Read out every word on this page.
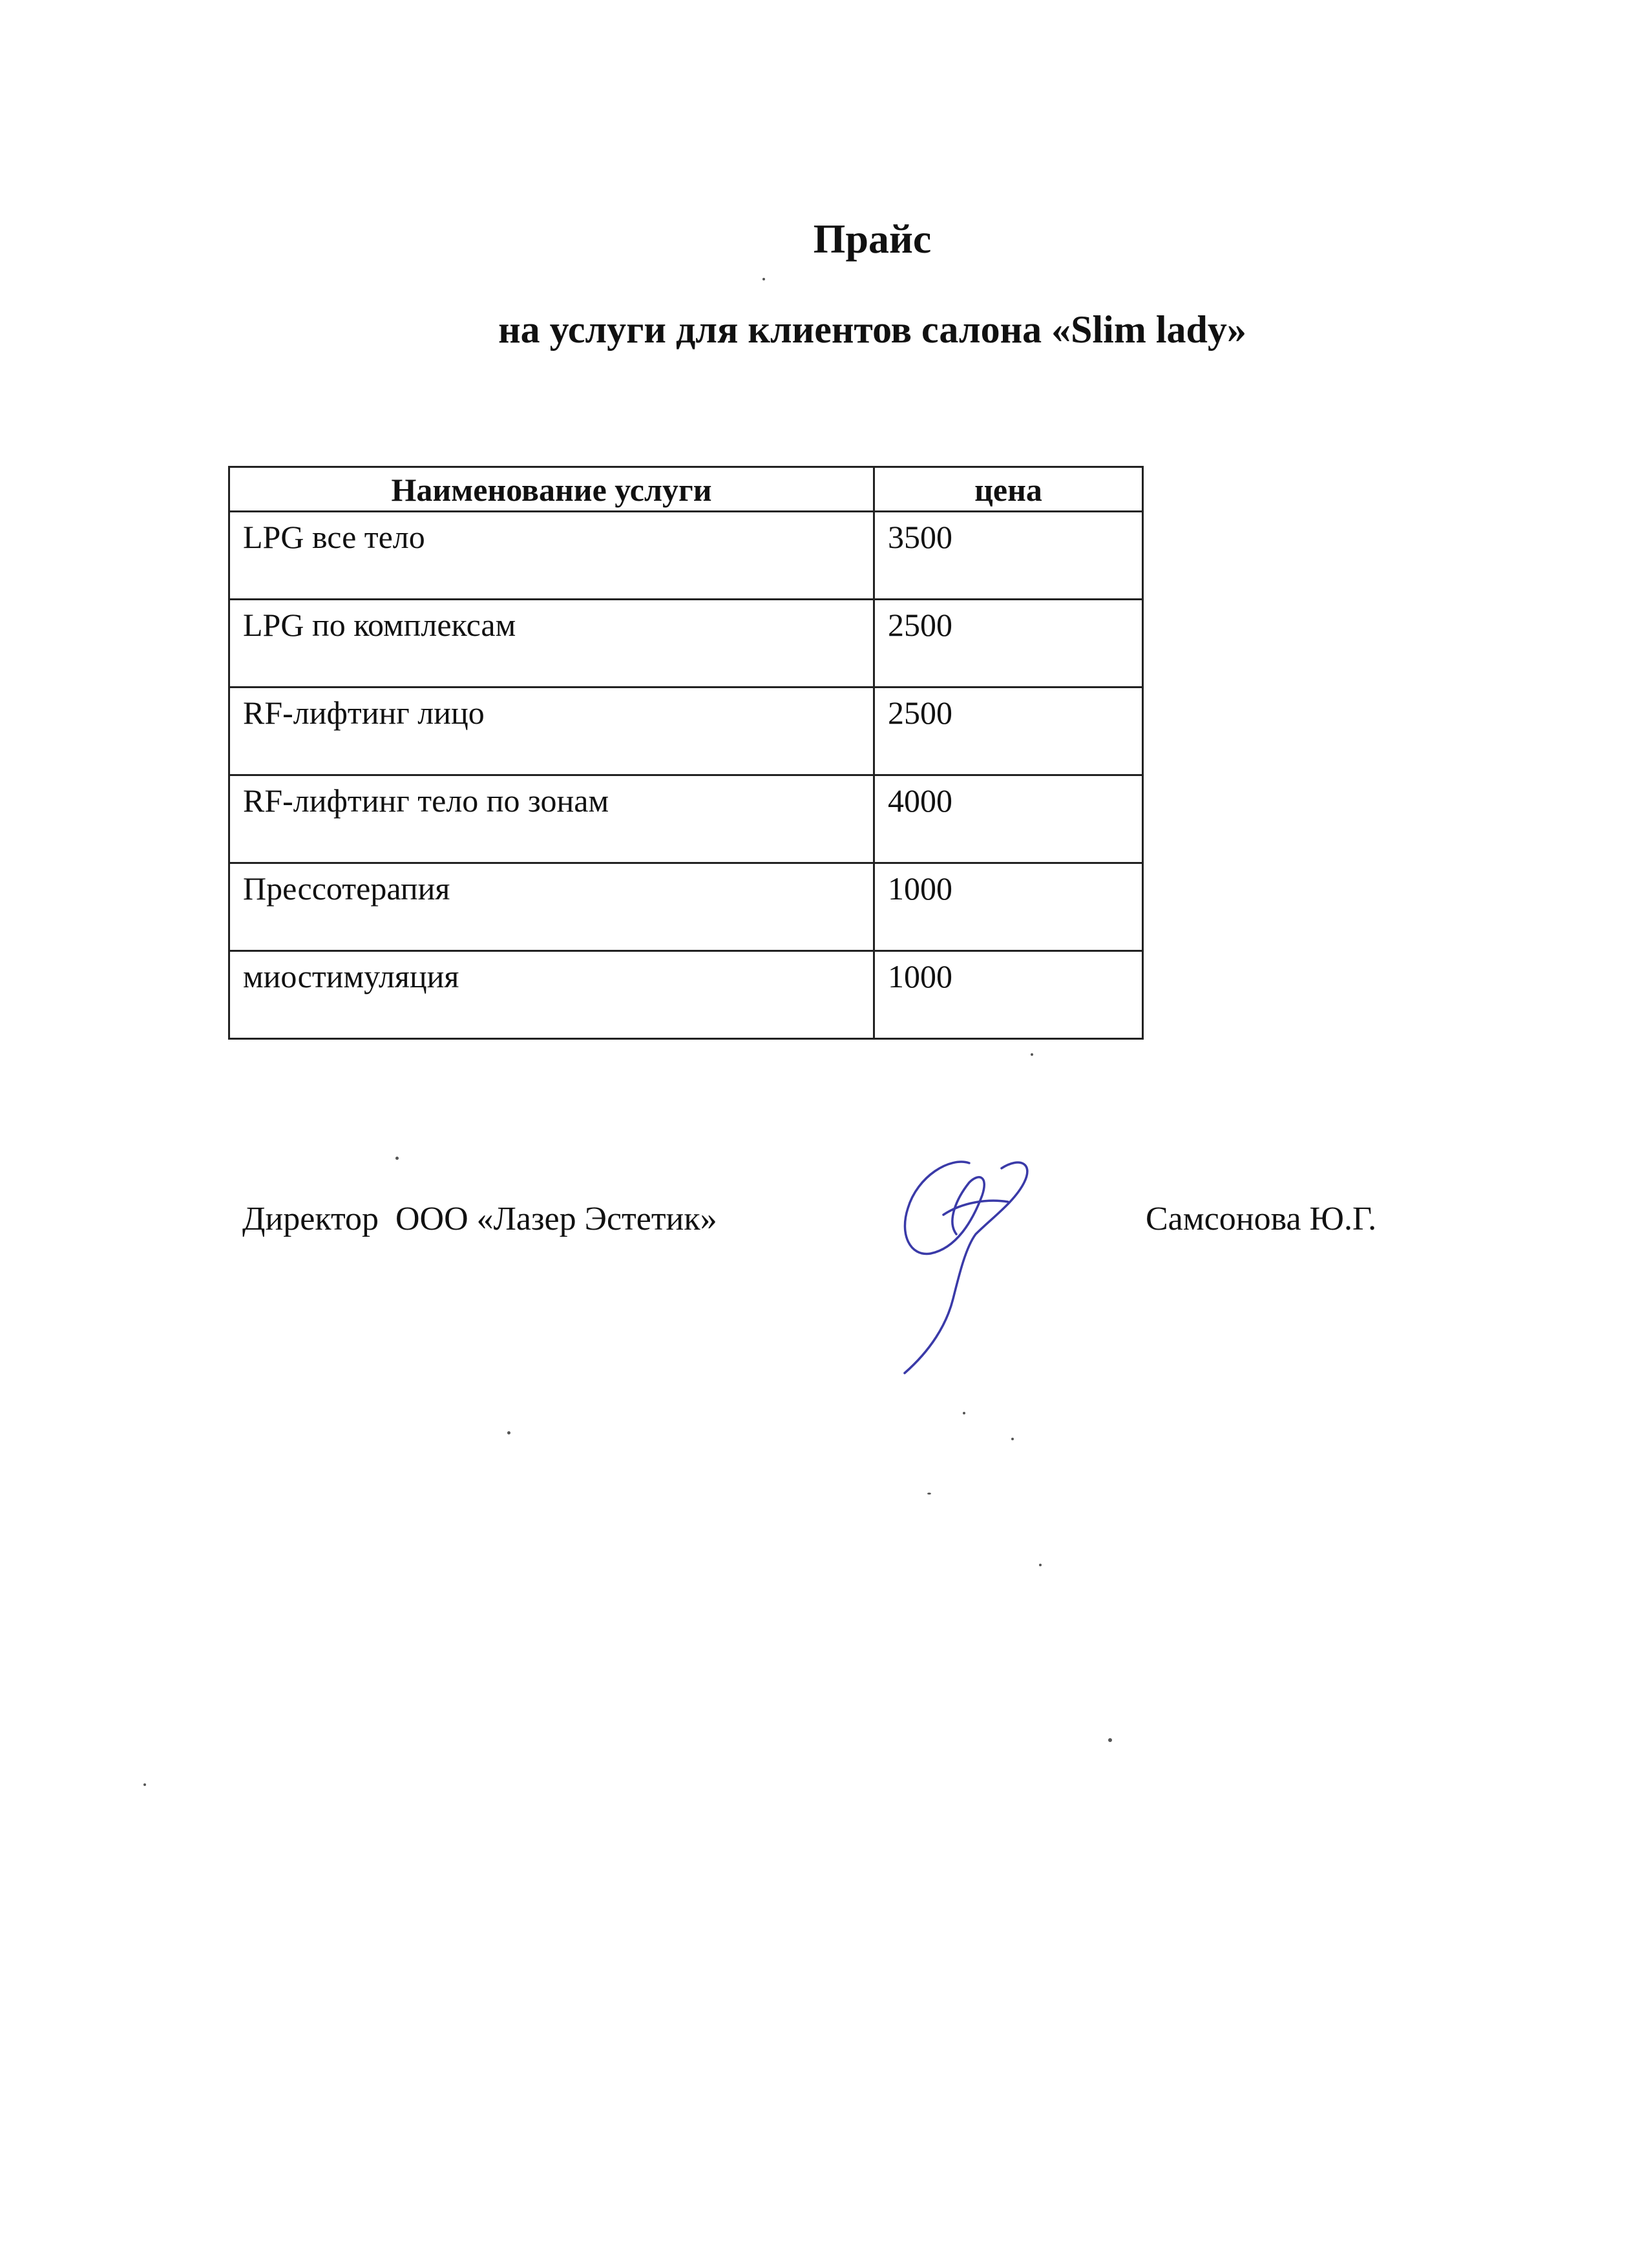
Прайс
на услуги для клиентов салона «Slim lady»
Наименование услуги	цена
LPG все тело	3500
LPG по комплексам	2500
RF-лифтинг лицо	2500
RF-лифтинг тело по зонам	4000
Прессотерапия	1000
миостимуляция	1000

Директор  ООО «Лазер Эстетик»	Самсонова Ю.Г.
